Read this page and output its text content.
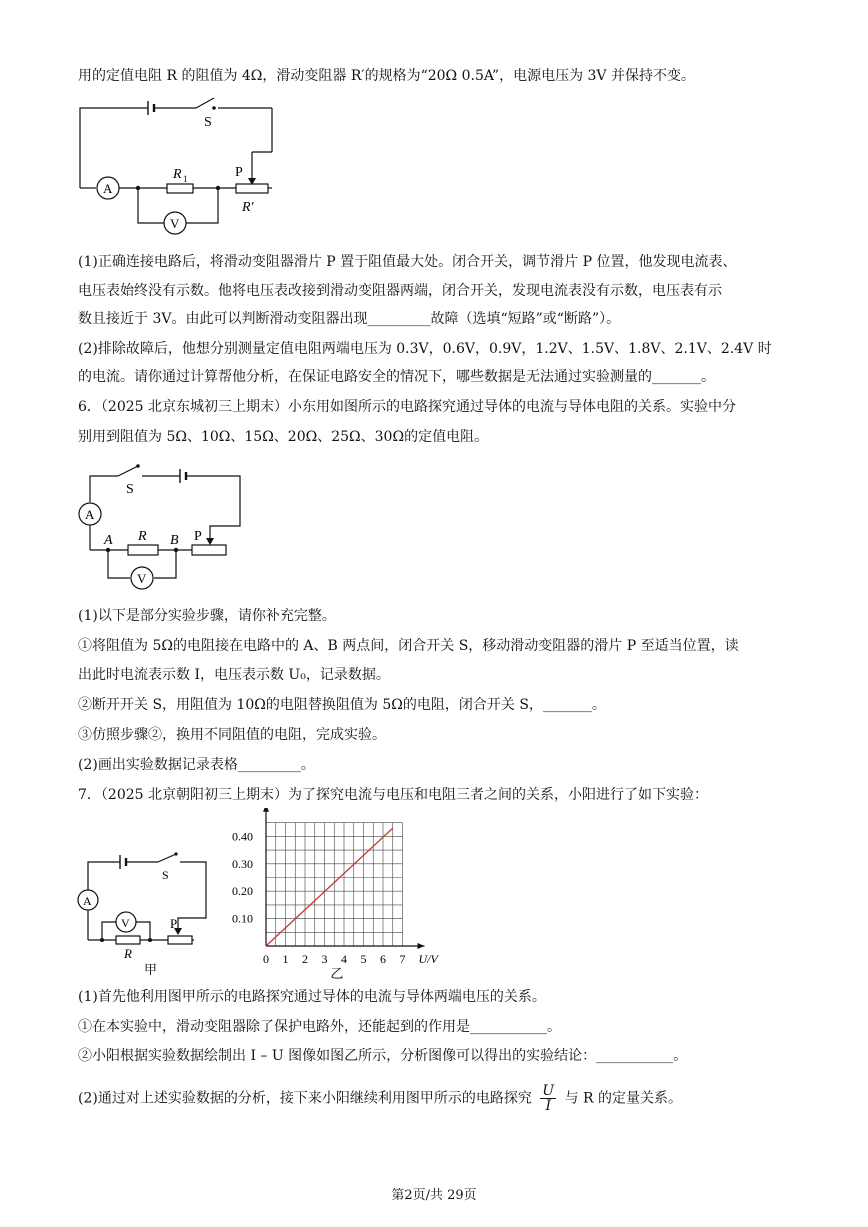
用的定值电阻 R 的阻值为 4Ω，滑动变阻器 R′的规格为“20Ω 0.5A”，电源电压为 3V 并保持不变。
A
V
S
R 1	P
R′
(1)正确连接电路后，将滑动变阻器滑片 P 置于阻值最大处。闭合开关，调节滑片 P 位置，他发现电流表、
电压表始终没有示数。他将电压表改接到滑动变阻器两端，闭合开关，发现电流表没有示数，电压表有示
数且接近于 3V。由此可以判断滑动变阻器出现_________故障（选填“短路”或“断路”）。
(2)排除故障后，他想分别测量定值电阻两端电压为 0.3V，0.6V，0.9V，1.2V、1.5V、1.8V、2.1V、2.4V 时
的电流。请你通过计算帮他分析，在保证电路安全的情况下，哪些数据是无法通过实验测量的_______。
6．（2025 北京东城初三上期末）小东用如图所示的电路探究通过导体的电流与导体电阻的关系。实验中分
别用到阻值为 5Ω、10Ω、15Ω、20Ω、25Ω、30Ω的定值电阻。
A
V
S
R
A	B P
(1)以下是部分实验步骤，请你补充完整。
①将阻值为 5Ω的电阻接在电路中的 A、B 两点间，闭合开关 S，移动滑动变阻器的滑片 P 至适当位置，读
出此时电流表示数 I，电压表示数 U₀，记录数据。
②断开开关 S，用阻值为 10Ω的电阻替换阻值为 5Ω的电阻，闭合开关 S，_______。
③仿照步骤②，换用不同阻值的电阻，完成实验。
(2)画出实验数据记录表格_________。
7．（2025 北京朝阳初三上期末）为了探究电流与电压和电阻三者之间的关系，小阳进行了如下实验：
A
V
S
R
P
甲
0 1 2 3 4 5 6 7
0.10
0.20
0.30
0.40
U/V
乙
(1)首先他利用图甲所示的电路探究通过导体的电流与导体两端电压的关系。
①在本实验中，滑动变阻器除了保护电路外，还能起到的作用是___________。
②小阳根据实验数据绘制出 I – U 图像如图乙所示，分析图像可以得出的实验结论：___________。
(2)通过对上述实验数据的分析，接下来小阳继续利用图甲所示的电路探究 $\frac{U}{I}$ 与 R 的定量关系。
第2页/共 29页
